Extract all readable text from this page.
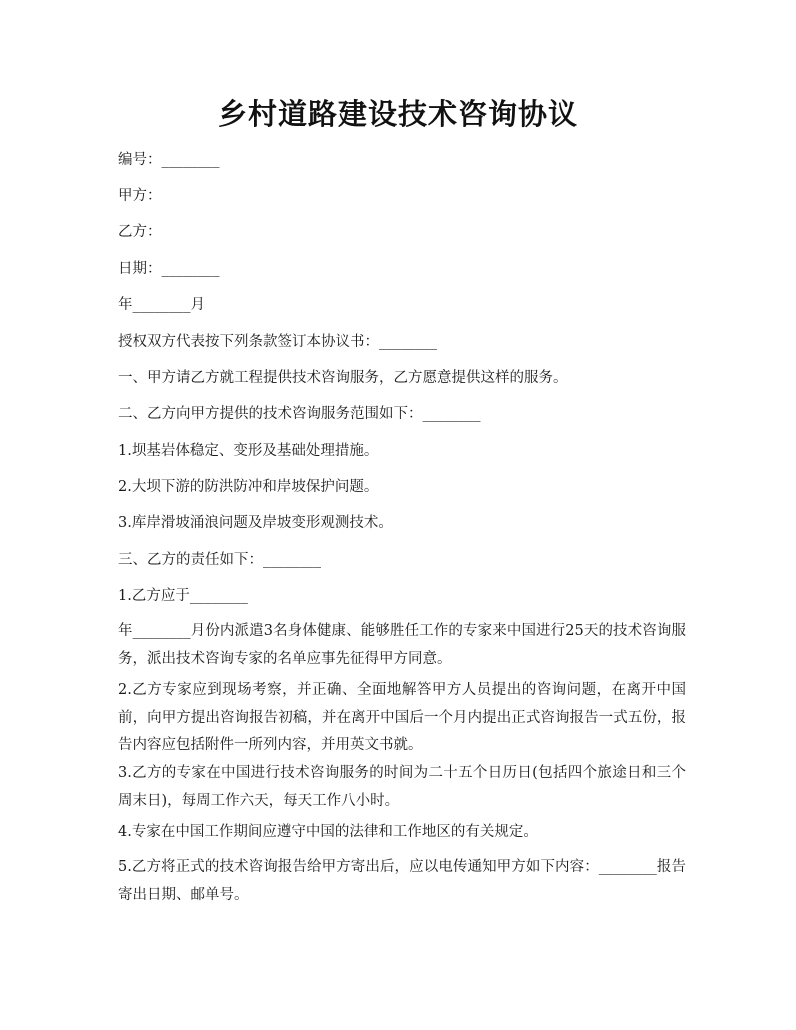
乡村道路建设技术咨询协议

编号：________

甲方：

乙方：

日期：________

年________月

授权双方代表按下列条款签订本协议书：________

一、甲方请乙方就工程提供技术咨询服务，乙方愿意提供这样的服务。

二、乙方向甲方提供的技术咨询服务范围如下：________

1.坝基岩体稳定、变形及基础处理措施。

2.大坝下游的防洪防冲和岸坡保护问题。

3.库岸滑坡涌浪问题及岸坡变形观测技术。

三、乙方的责任如下：________

1.乙方应于________

年________月份内派遣3名身体健康、能够胜任工作的专家来中国进行25天的技术咨询服务，派出技术咨询专家的名单应事先征得甲方同意。

2.乙方专家应到现场考察，并正确、全面地解答甲方人员提出的咨询问题，在离开中国前，向甲方提出咨询报告初稿，并在离开中国后一个月内提出正式咨询报告一式五份，报告内容应包括附件一所列内容，并用英文书就。

3.乙方的专家在中国进行技术咨询服务的时间为二十五个日历日(包括四个旅途日和三个周末日)，每周工作六天，每天工作八小时。

4.专家在中国工作期间应遵守中国的法律和工作地区的有关规定。

5.乙方将正式的技术咨询报告给甲方寄出后，应以电传通知甲方如下内容：________报告寄出日期、邮单号。
